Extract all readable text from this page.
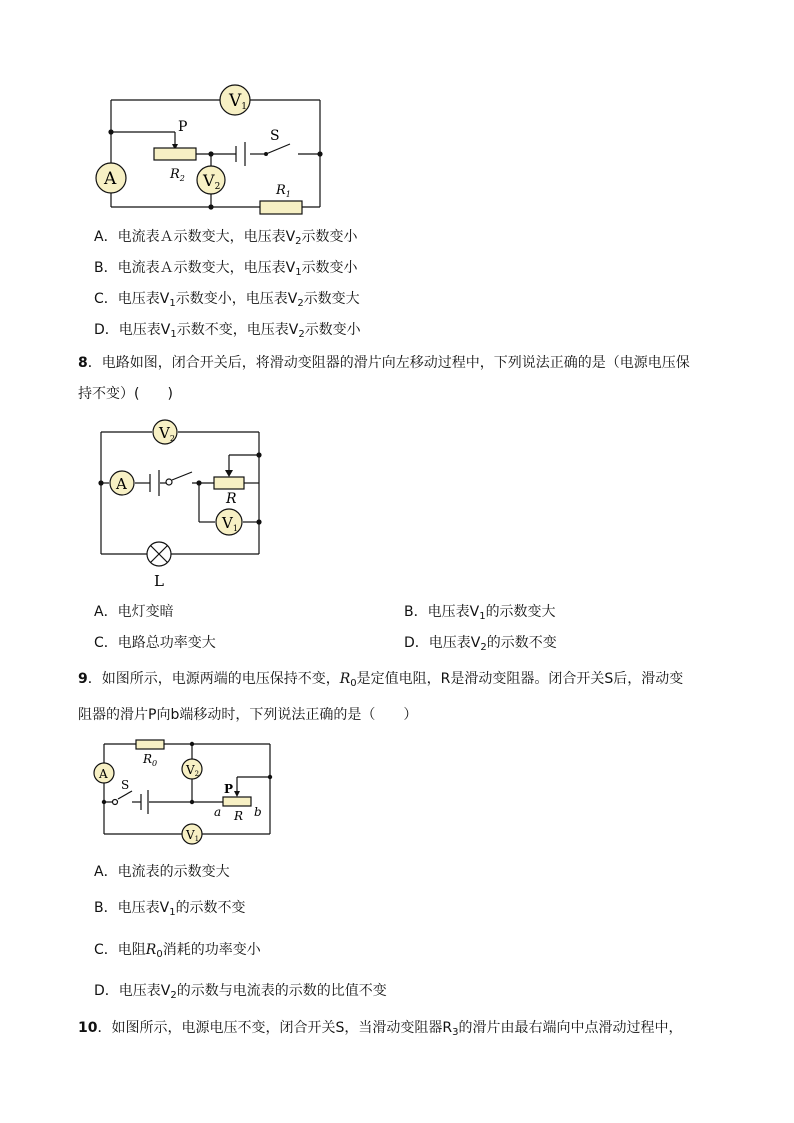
V1
A	V2
P
S
$R_2$
$R_1$
A．电流表Ａ示数变大，电压表$V_2$示数变小
B．电流表Ａ示数变大，电压表$V_1$示数变小
C．电压表$V_1$示数变小，电压表$V_2$示数变大
D．电压表$V_1$示数不变，电压表$V_2$示数变小
8．电路如图，闭合开关后，将滑动变阻器的滑片向左移动过程中，下列说法正确的是（电源电压保
持不变）(　　)
$V_2$
A
R
$V_1$
L
A．电灯变暗	B．电压表$V_1$的示数变大
C．电路总功率变大	D．电压表$V_2$的示数不变
9．如图所示，电源两端的电压保持不变，$R_0$是定值电阻，R是滑动变阻器。闭合开关S后，滑动变
阻器的滑片P向b端移动时，下列说法正确的是（　　）
$R_0$
A	V2
S	P
a R b
V1
A．电流表的示数变大
B．电压表$V_1$的示数不变
C．电阻$R_0$消耗的功率变小
D．电压表$V_2$的示数与电流表的示数的比值不变
10．如图所示，电源电压不变，闭合开关S，当滑动变阻器$R_3$的滑片由最右端向中点滑动过程中，
